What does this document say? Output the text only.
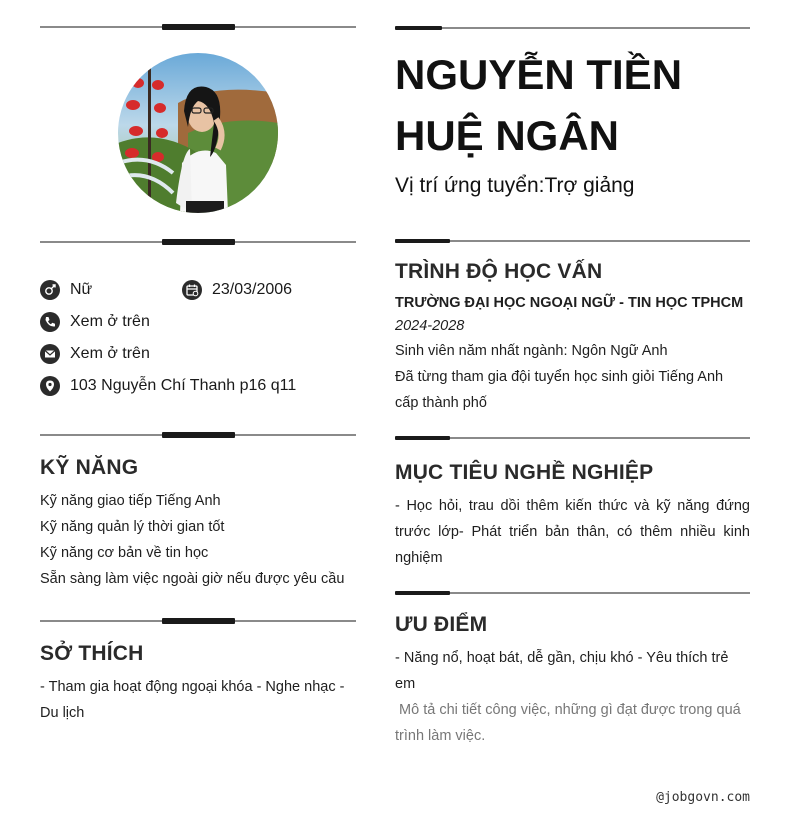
Nữ	23/03/2006
Xem ở trên
Xem ở trên
103 Nguyễn Chí Thanh p16 q11
KỸ NĂNG
Kỹ năng giao tiếp Tiếng Anh
Kỹ năng quản lý thời gian tốt
Kỹ năng cơ bản về tin học
Sẵn sàng làm việc ngoài giờ nếu được yêu cầu
SỞ THÍCH
- Tham gia hoạt động ngoại khóa - Nghe nhạc - Du lịch
NGUYỄN TIỀN HUỆ NGÂN
Vị trí ứng tuyển:Trợ giảng
TRÌNH ĐỘ HỌC VẤN
TRƯỜNG ĐẠI HỌC NGOẠI NGỮ - TIN HỌC TPHCM
2024-2028
Sinh viên năm nhất ngành: Ngôn Ngữ Anh
Đã từng tham gia đội tuyển học sinh giỏi Tiếng Anh cấp thành phố
MỤC TIÊU NGHỀ NGHIỆP
- Học hỏi, trau dồi thêm kiến thức và kỹ năng đứng trước lớp- Phát triển bản thân, có thêm nhiều kinh nghiệm
ƯU ĐIỂM
- Năng nổ, hoạt bát, dễ gần, chịu khó - Yêu thích trẻ em
Mô tả chi tiết công việc, những gì đạt được trong quá trình làm việc.
@jobgovn.com
